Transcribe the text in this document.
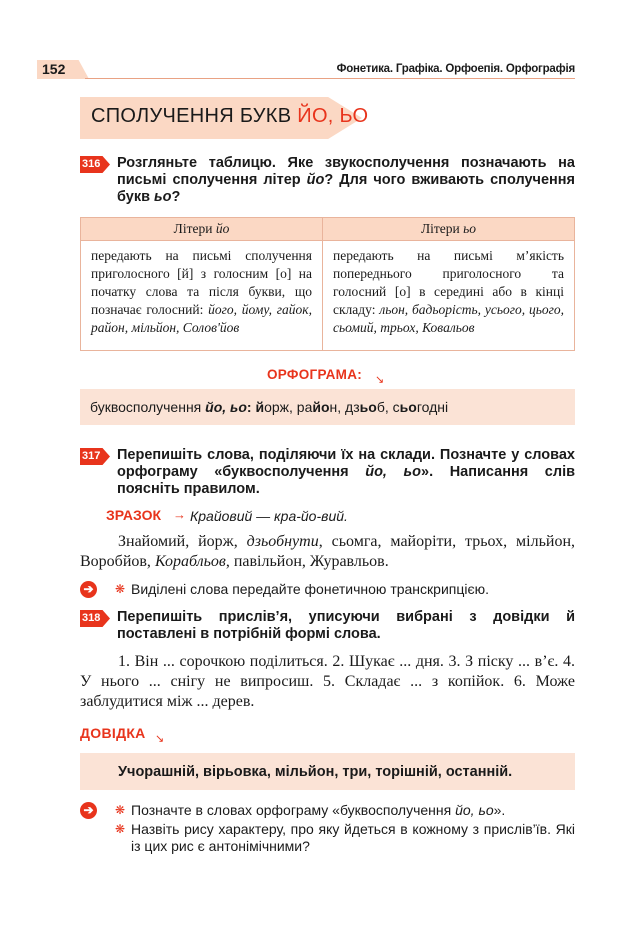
152	Фонетика. Графіка. Орфоепія. Орфографія
СПОЛУЧЕННЯ БУКВ ЙО, ЬО
316 Розгляньте таблицю. Яке звукосполучення позначають на письмі сполучення літер йо? Для чого вживають сполучення букв ьо?
Літери йо	Літери ьо
передають на письмі сполучення приголосного [й] з голосним [о] на початку слова та після букви, що позначає голосний: його, йому, гайок, район, мільйон, Солов'йов	передають на письмі м’якість попереднього приголосного та голосний [о] в середині або в кінці складу: льон, бадьорість, усього, цього, сьомий, трьох, Ковальов
ОРФОГРАМА: ↘
буквосполучення йо, ьо: йорж, район, дзьоб, сьогодні
317 Перепишіть слова, поділяючи їх на склади. Позначте у словах орфограму «буквосполучення йо, ьо». Написання слів поясніть правилом.
ЗРАЗОК → Крайовий — кра-йо-вий.
Знайомий, йорж, дзьобнути, сьомга, майоріти, трьох, мільйон, Воробйов, Корабльов, павільйон, Журавльов.
➔ ❋ Виділені слова передайте фонетичною транскрипцією.
318 Перепишіть прислів’я, уписуючи вибрані з довідки й поставлені в потрібній формі слова.
1. Він ... сорочкою поділиться. 2. Шукає ... дня. 3. З піску ... в’є. 4. У нього ... снігу не випросиш. 5. Складає ... з копійок. 6. Може заблудитися між ... дерев.
ДОВІДКА ↘
Учорашній, вірьовка, мільйон, три, торішній, останній.
➔ ❋ Позначте в словах орфограму «буквосполучення йо, ьо».
❋ Назвіть рису характеру, про яку йдеться в кожному з прислів’їв. Які із цих рис є антонімічними?
